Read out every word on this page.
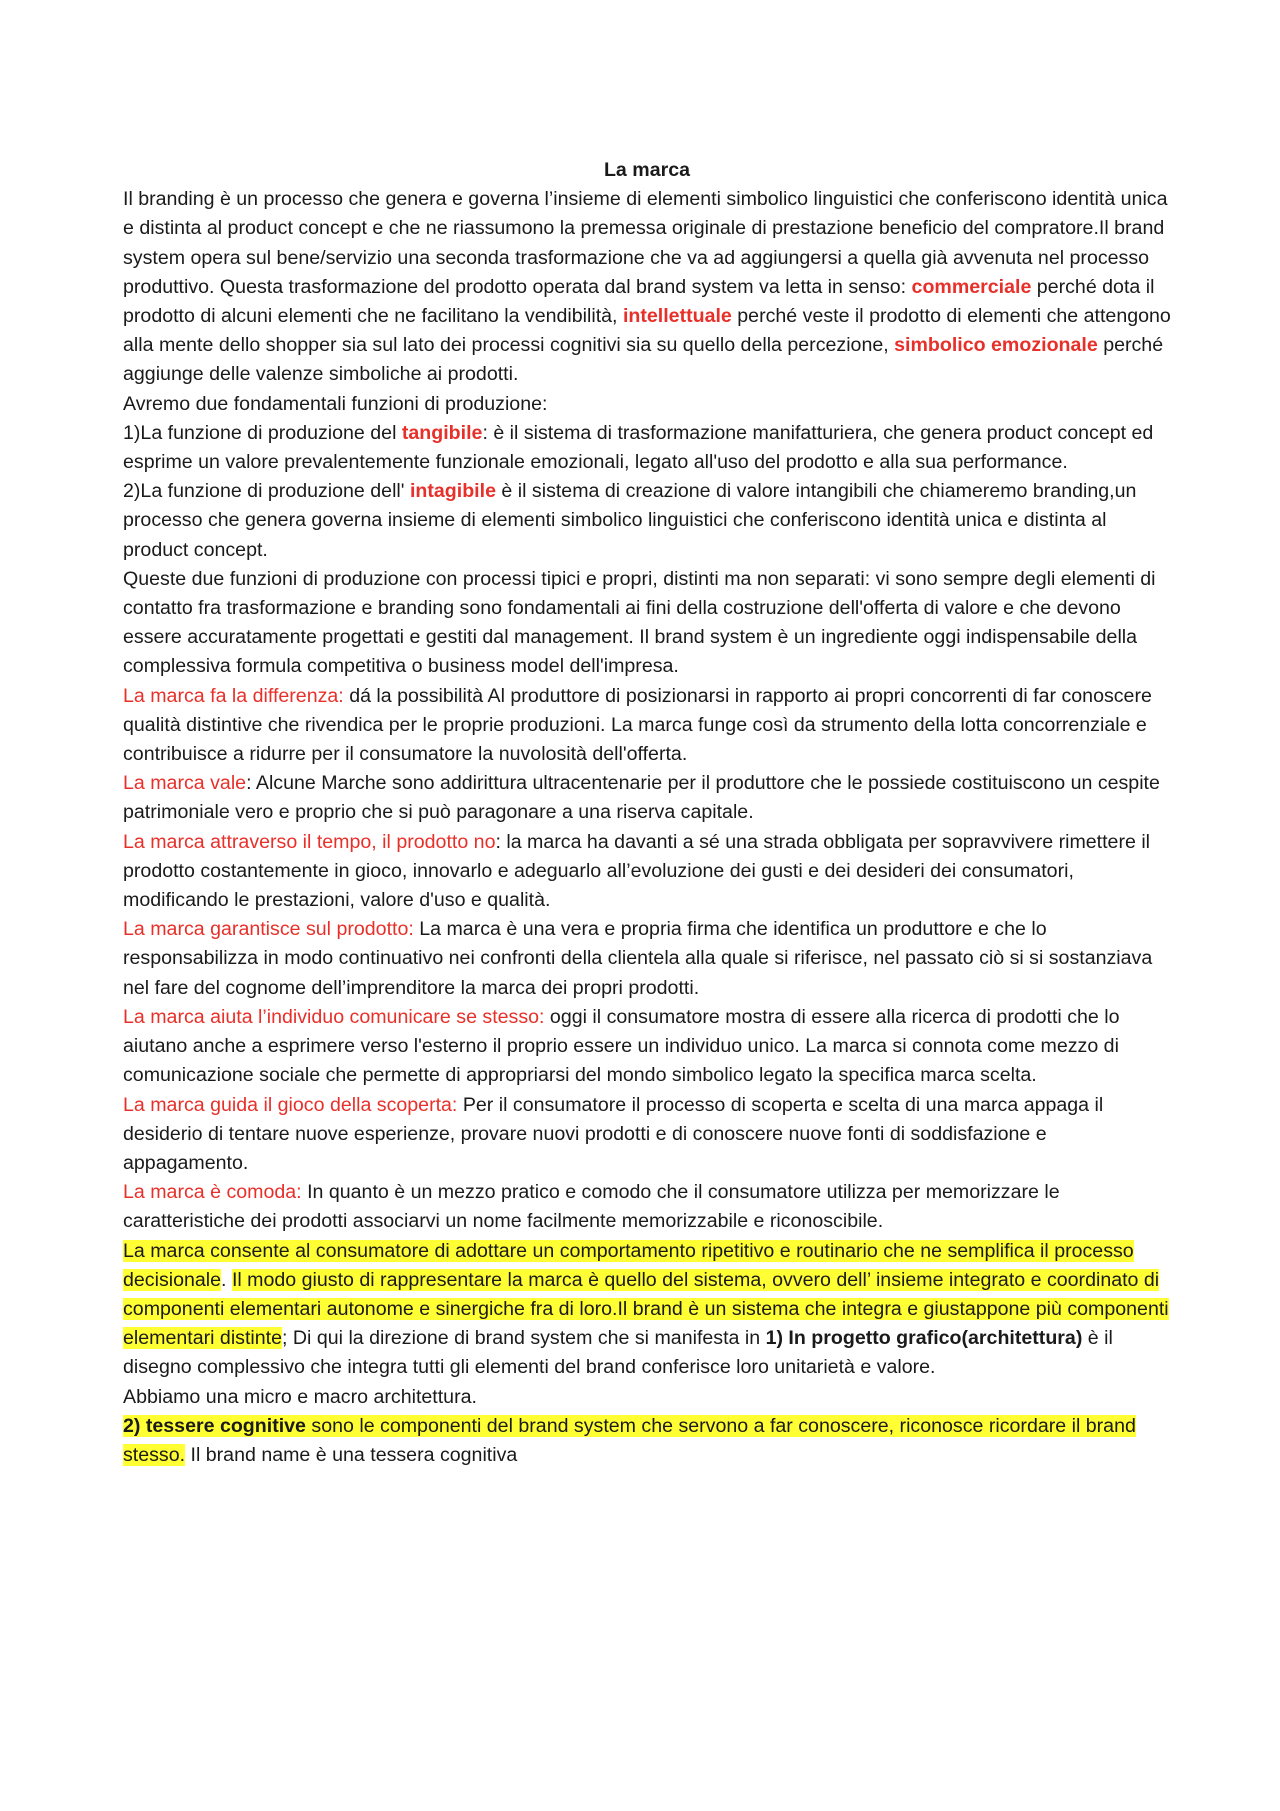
La marca

Il branding è un processo che genera e governa l’insieme di elementi simbolico linguistici che conferiscono identità unica e distinta al product concept e che ne riassumono la premessa originale di prestazione beneficio del compratore.Il brand system opera sul bene/servizio una seconda trasformazione che va ad aggiungersi a quella già avvenuta nel processo produttivo. Questa trasformazione del prodotto operata dal brand system va letta in senso: commerciale perché dota il prodotto di alcuni elementi che ne facilitano la vendibilità, intellettuale perché veste il prodotto di elementi che attengono alla mente dello shopper sia sul lato dei processi cognitivi sia su quello della percezione, simbolico emozionale perché aggiunge delle valenze simboliche ai prodotti.

Avremo due fondamentali funzioni di produzione:

1)La funzione di produzione del tangibile: è il sistema di trasformazione manifatturiera, che genera product concept ed esprime un valore prevalentemente funzionale emozionali, legato all'uso del prodotto e alla sua performance.

2)La funzione di produzione dell' intagibile è il sistema di creazione di valore intangibili che chiameremo branding,un processo che genera governa insieme di elementi simbolico linguistici che conferiscono identità unica e distinta al product concept.

Queste due funzioni di produzione con processi tipici e propri, distinti ma non separati: vi sono sempre degli elementi di contatto fra trasformazione e branding sono fondamentali ai fini della costruzione dell'offerta di valore e che devono essere accuratamente progettati e gestiti dal management. Il brand system è un ingrediente oggi indispensabile della complessiva formula competitiva o business model dell'impresa.

La marca fa la differenza: dá la possibilità Al produttore di posizionarsi in rapporto ai propri concorrenti di far conoscere qualità distintive che rivendica per le proprie produzioni. La marca funge così da strumento della lotta concorrenziale e contribuisce a ridurre per il consumatore la nuvolosità dell'offerta.

La marca vale: Alcune Marche sono addirittura ultracentenarie per il produttore che le possiede costituiscono un cespite patrimoniale vero e proprio che si può paragonare a una riserva capitale.

La marca attraverso il tempo, il prodotto no: la marca ha davanti a sé una strada obbligata per sopravvivere rimettere il prodotto costantemente in gioco, innovarlo e adeguarlo all’evoluzione dei gusti e dei desideri dei consumatori, modificando le prestazioni, valore d'uso e qualità.

La marca garantisce sul prodotto: La marca è una vera e propria firma che identifica un produttore e che lo responsabilizza in modo continuativo nei confronti della clientela alla quale si riferisce, nel passato ciò si si sostanziava nel fare del cognome dell’imprenditore la marca dei propri prodotti.

La marca aiuta l’individuo comunicare se stesso: oggi il consumatore mostra di essere alla ricerca di prodotti che lo aiutano anche a esprimere verso l'esterno il proprio essere un individuo unico. La marca si connota come mezzo di comunicazione sociale che permette di appropriarsi del mondo simbolico legato la specifica marca scelta.

La marca guida il gioco della scoperta: Per il consumatore il processo di scoperta e scelta di una marca appaga il desiderio di tentare nuove esperienze, provare nuovi prodotti e di conoscere nuove fonti di soddisfazione e appagamento.

La marca è comoda: In quanto è un mezzo pratico e comodo che il consumatore utilizza per memorizzare le caratteristiche dei prodotti associarvi un nome facilmente memorizzabile e riconoscibile.

La marca consente al consumatore di adottare un comportamento ripetitivo e routinario che ne semplifica il processo decisionale. Il modo giusto di rappresentare la marca è quello del sistema, ovvero dell’ insieme integrato e coordinato di componenti elementari autonome e sinergiche fra di loro.Il brand è un sistema che integra e giustappone più componenti elementari distinte; Di qui la direzione di brand system che si manifesta in 1) In progetto grafico(architettura) è il disegno complessivo che integra tutti gli elementi del brand conferisce loro unitarietà e valore.

Abbiamo una micro e macro architettura.

2) tessere cognitive sono le componenti del brand system che servono a far conoscere, riconosce ricordare il brand stesso. Il brand name è una tessera cognitiva
